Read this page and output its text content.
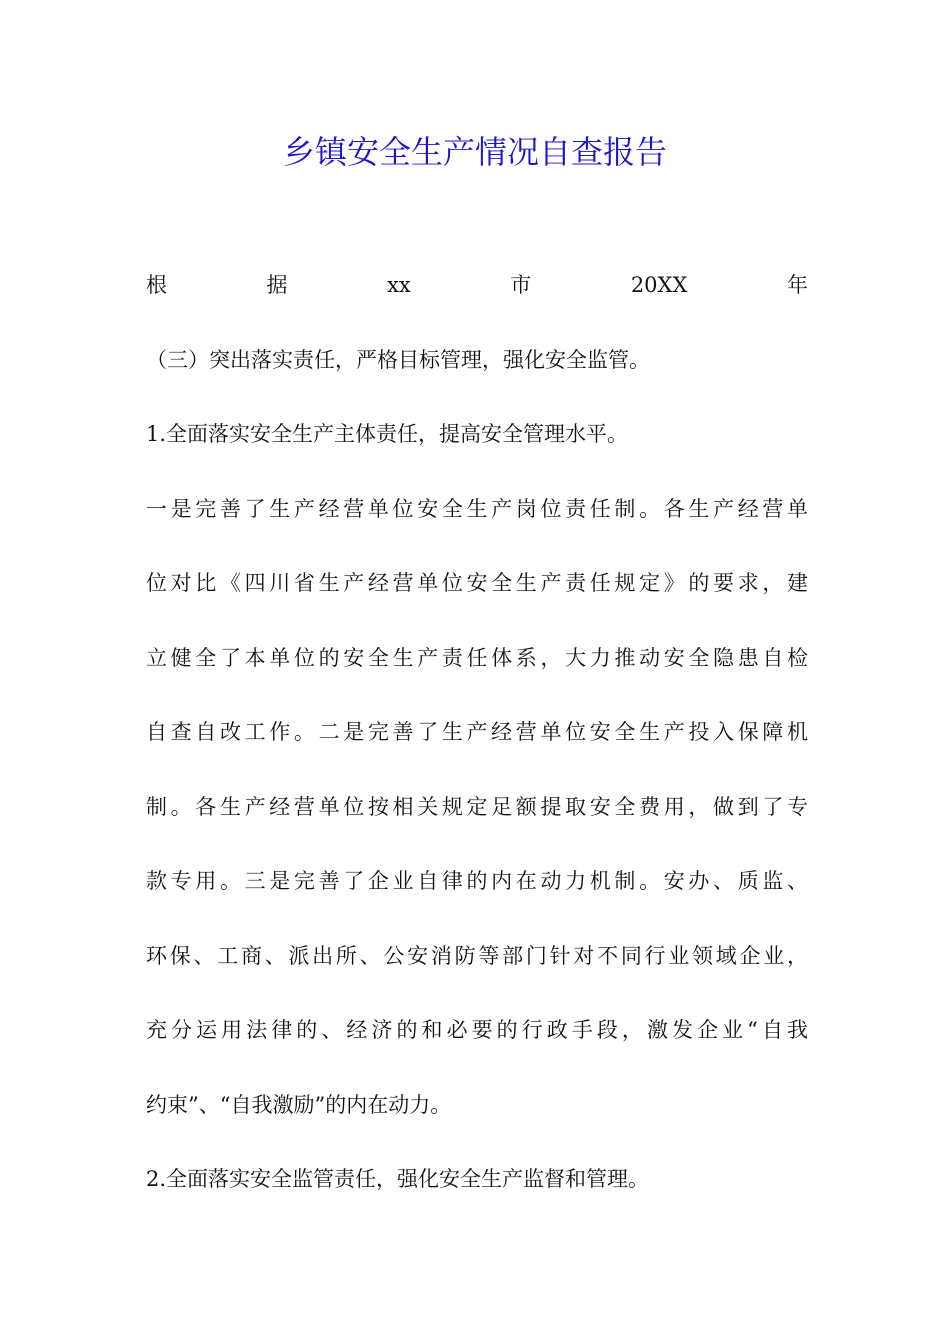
乡镇安全生产情况自查报告
根	据	xx	市	20XX	年
（三）突出落实责任，严格目标管理，强化安全监管。
1.全面落实安全生产主体责任，提高安全管理水平。
一是完善了生产经营单位安全生产岗位责任制。各生产经营单
位对比《四川省生产经营单位安全生产责任规定》的要求，建
立健全了本单位的安全生产责任体系，大力推动安全隐患自检
自查自改工作。二是完善了生产经营单位安全生产投入保障机
制。各生产经营单位按相关规定足额提取安全费用，做到了专
款专用。三是完善了企业自律的内在动力机制。安办、质监、
环保、工商、派出所、公安消防等部门针对不同行业领域企业，
充分运用法律的、经济的和必要的行政手段，激发企业“自我
约束”、“自我激励”的内在动力。
2.全面落实安全监管责任，强化安全生产监督和管理。
